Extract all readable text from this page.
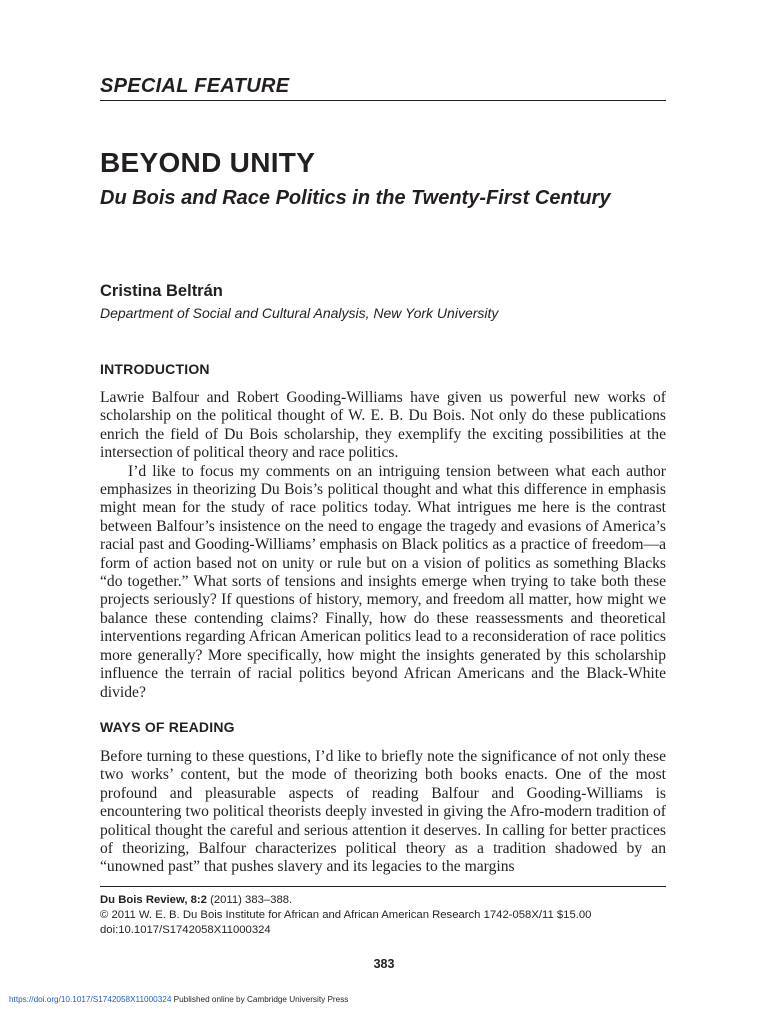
SPECIAL FEATURE
BEYOND UNITY
Du Bois and Race Politics in the Twenty-First Century
Cristina Beltrán
Department of Social and Cultural Analysis, New York University
INTRODUCTION

Lawrie Balfour and Robert Gooding-Williams have given us powerful new works of scholarship on the political thought of W. E. B. Du Bois. Not only do these publications enrich the field of Du Bois scholarship, they exemplify the exciting possibilities at the intersection of political theory and race politics.

I’d like to focus my comments on an intriguing tension between what each author emphasizes in theorizing Du Bois’s political thought and what this difference in emphasis might mean for the study of race politics today. What intrigues me here is the contrast between Balfour’s insistence on the need to engage the tragedy and evasions of America’s racial past and Gooding-Williams’ emphasis on Black politics as a practice of freedom—a form of action based not on unity or rule but on a vision of politics as something Blacks “do together.” What sorts of tensions and insights emerge when trying to take both these projects seriously? If questions of history, memory, and freedom all matter, how might we balance these contending claims? Finally, how do these reassessments and theoretical interventions regarding African American politics lead to a reconsideration of race politics more generally? More specifically, how might the insights generated by this scholarship influence the terrain of racial politics beyond African Americans and the Black-White divide?

WAYS OF READING

Before turning to these questions, I’d like to briefly note the significance of not only these two works’ content, but the mode of theorizing both books enacts. One of the most profound and pleasurable aspects of reading Balfour and Gooding-Williams is encountering two political theorists deeply invested in giving the Afro-modern tradition of political thought the careful and serious attention it deserves. In calling for better practices of theorizing, Balfour characterizes political theory as a tradition shadowed by an “unowned past” that pushes slavery and its legacies to the margins

Du Bois Review, 8:2 (2011) 383–388.
© 2011 W. E. B. Du Bois Institute for African and African American Research 1742-058X/11 $15.00
doi:10.1017/S1742058X11000324
383
https://doi.org/10.1017/S1742058X11000324 Published online by Cambridge University Press
